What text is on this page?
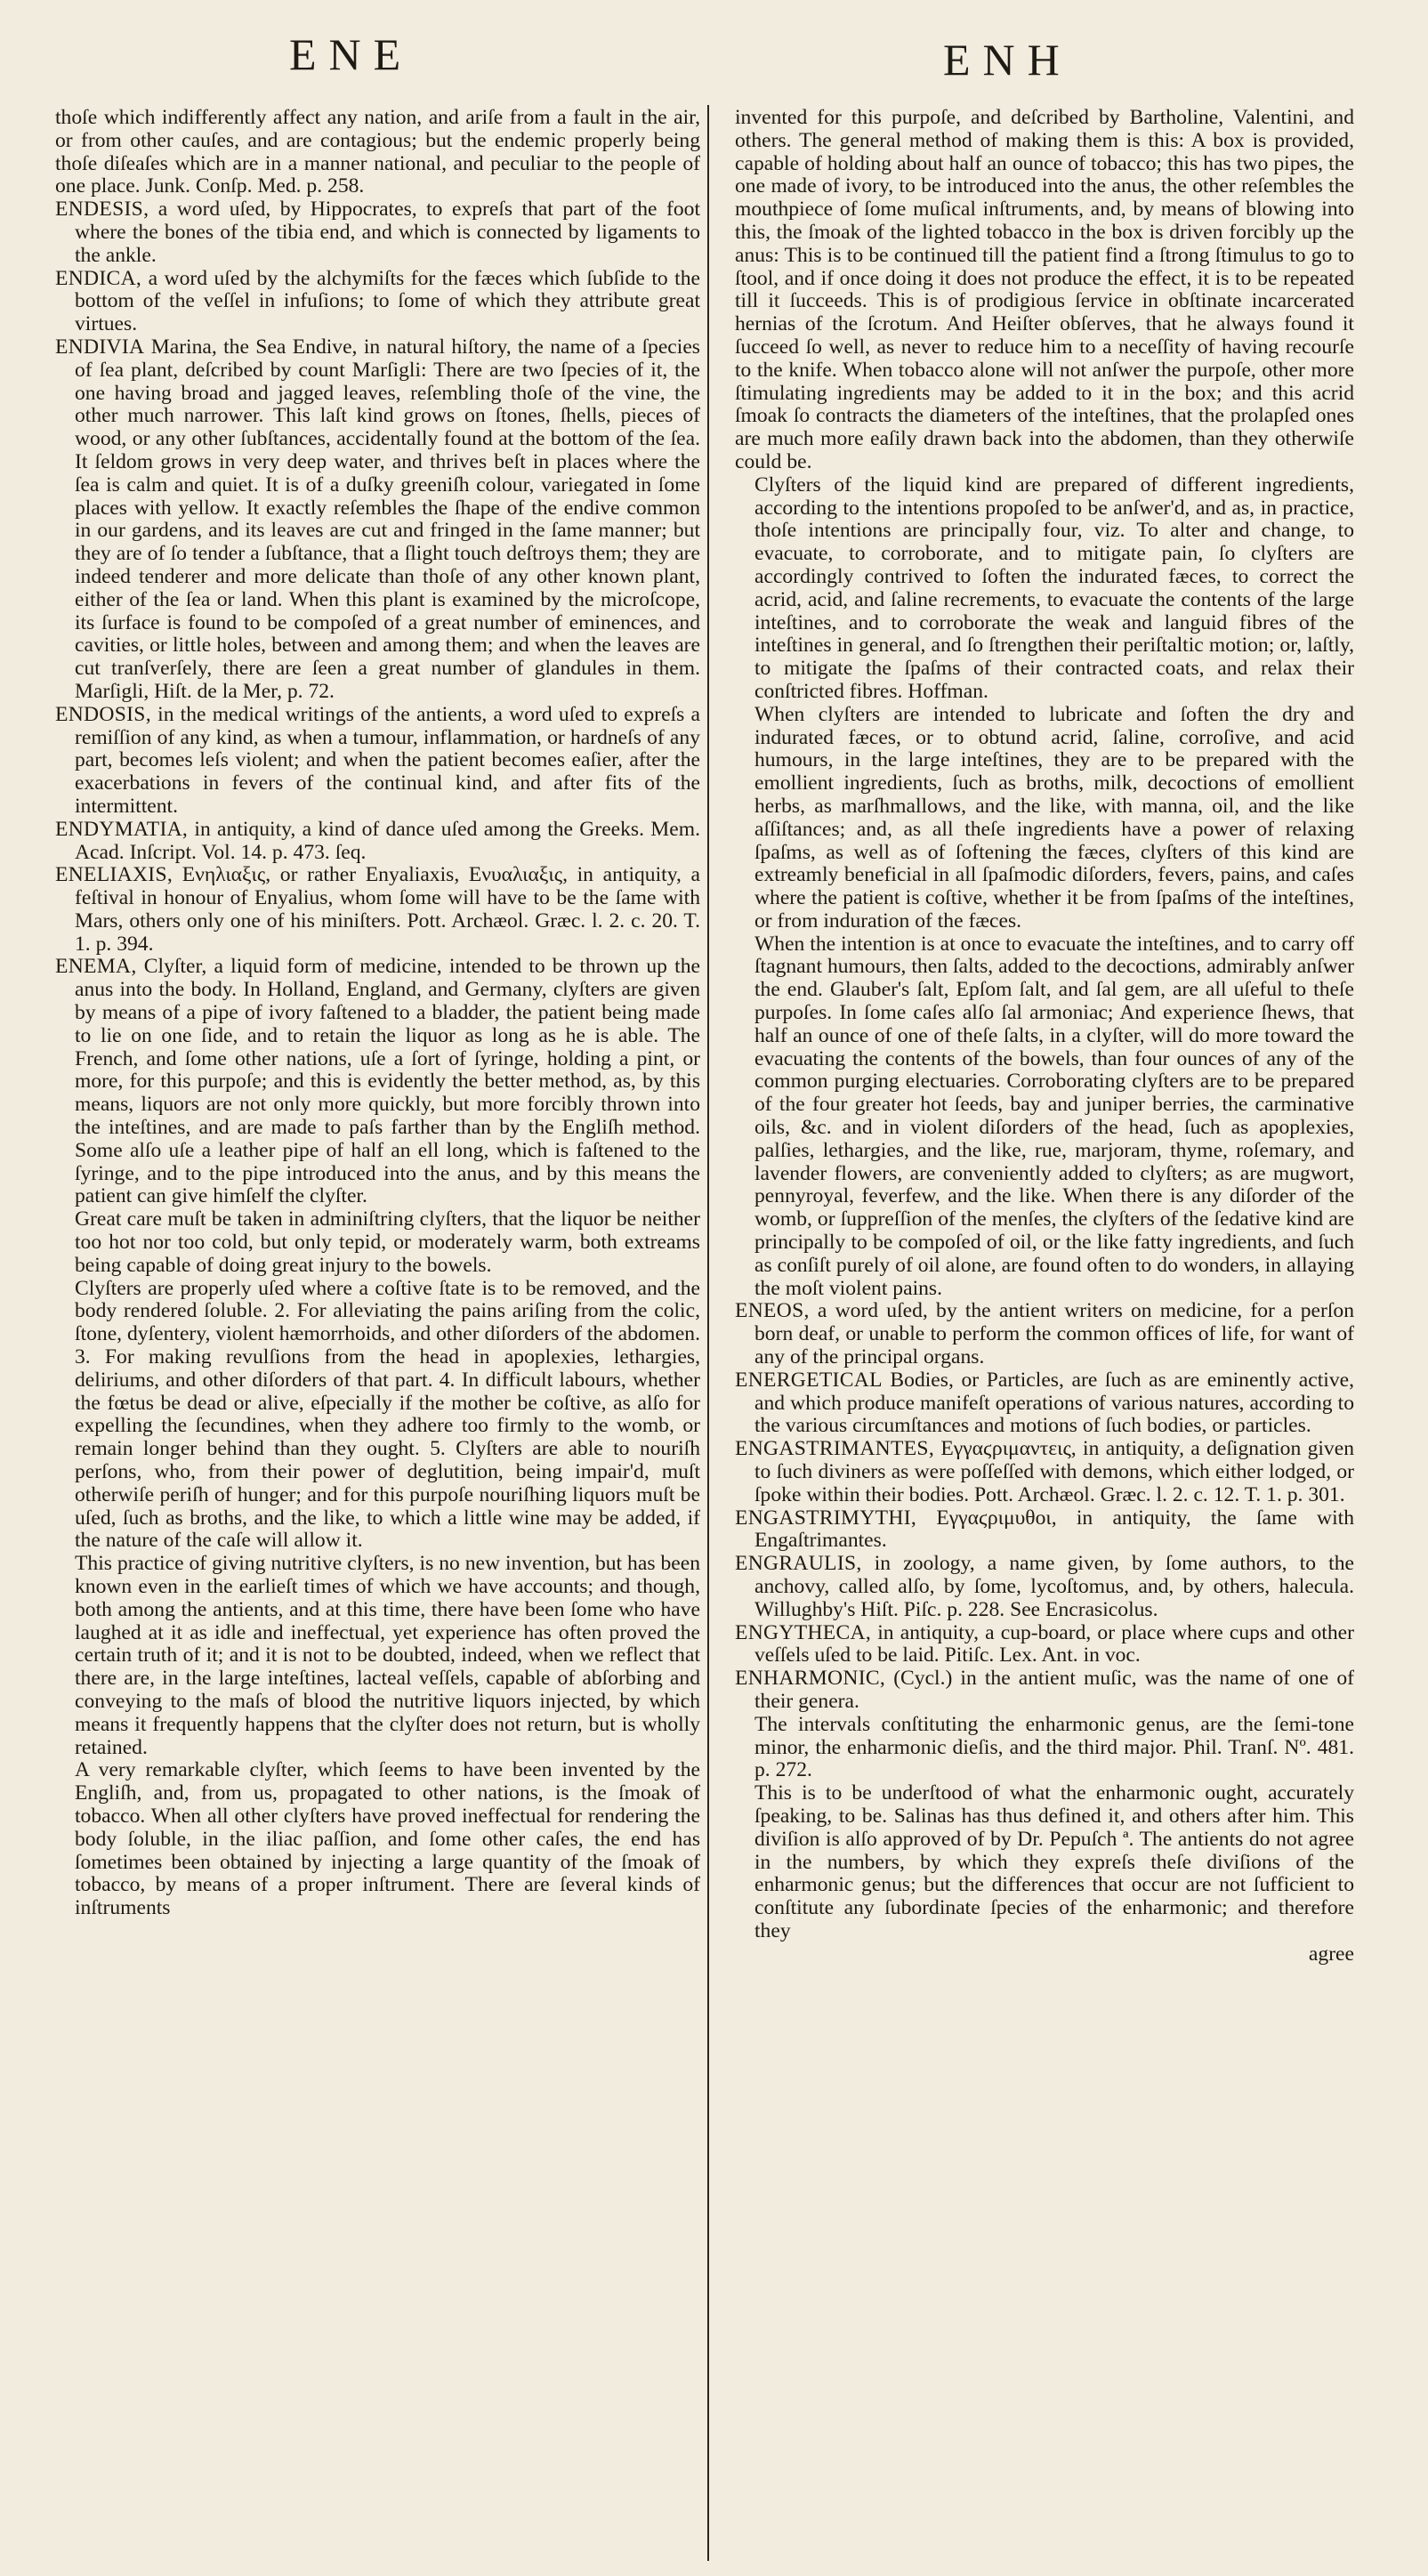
ENE	ENH

thoſe which indifferently affect any nation, and ariſe from a fault in the air, or from other cauſes, and are contagious; but the endemic properly being thoſe diſeaſes which are in a manner national, and peculiar to the people of one place. Junk. Conſp. Med. p. 258.

ENDESIS, a word uſed, by Hippocrates, to expreſs that part of the foot where the bones of the tibia end, and which is connected by ligaments to the ankle.

ENDICA, a word uſed by the alchymiſts for the fæces which ſubſide to the bottom of the veſſel in infuſions; to ſome of which they attribute great virtues.

ENDIVIA Marina, the Sea Endive, in natural hiſtory, the name of a ſpecies of ſea plant, deſcribed by count Marſigli: There are two ſpecies of it, the one having broad and jagged leaves, reſembling thoſe of the vine, the other much narrower. This laſt kind grows on ſtones, ſhells, pieces of wood, or any other ſubſtances, accidentally found at the bottom of the ſea. It ſeldom grows in very deep water, and thrives beſt in places where the ſea is calm and quiet. It is of a duſky greeniſh colour, variegated in ſome places with yellow. It exactly reſembles the ſhape of the endive common in our gardens, and its leaves are cut and fringed in the ſame manner; but they are of ſo tender a ſubſtance, that a ſlight touch deſtroys them; they are indeed tenderer and more delicate than thoſe of any other known plant, either of the ſea or land. When this plant is examined by the microſcope, its ſurface is found to be compoſed of a great number of eminences, and cavities, or little holes, between and among them; and when the leaves are cut tranſverſely, there are ſeen a great number of glandules in them. Marſigli, Hiſt. de la Mer, p. 72.

ENDOSIS, in the medical writings of the antients, a word uſed to expreſs a remiſſion of any kind, as when a tumour, inflammation, or hardneſs of any part, becomes leſs violent; and when the patient becomes eaſier, after the exacerbations in fevers of the continual kind, and after fits of the intermittent.

ENDYMATIA, in antiquity, a kind of dance uſed among the Greeks. Mem. Acad. Inſcript. Vol. 14. p. 473. ſeq.

ENELIAXIS, Ενηλιαξις, or rather Enyaliaxis, Ενυαλιαξις, in antiquity, a feſtival in honour of Enyalius, whom ſome will have to be the ſame with Mars, others only one of his miniſters. Pott. Archæol. Græc. l. 2. c. 20. T. 1. p. 394.

ENEMA, Clyſter, a liquid form of medicine, intended to be thrown up the anus into the body. In Holland, England, and Germany, clyſters are given by means of a pipe of ivory faſtened to a bladder, the patient being made to lie on one ſide, and to retain the liquor as long as he is able. The French, and ſome other nations, uſe a ſort of ſyringe, holding a pint, or more, for this purpoſe; and this is evidently the better method, as, by this means, liquors are not only more quickly, but more forcibly thrown into the inteſtines, and are made to paſs farther than by the Engliſh method. Some alſo uſe a leather pipe of half an ell long, which is faſtened to the ſyringe, and to the pipe introduced into the anus, and by this means the patient can give himſelf the clyſter.

Great care muſt be taken in adminiſtring clyſters, that the liquor be neither too hot nor too cold, but only tepid, or moderately warm, both extreams being capable of doing great injury to the bowels.

Clyſters are properly uſed where a coſtive ſtate is to be removed, and the body rendered ſoluble. 2. For alleviating the pains ariſing from the colic, ſtone, dyſentery, violent hæmorrhoids, and other diſorders of the abdomen. 3. For making revulſions from the head in apoplexies, lethargies, deliriums, and other diſorders of that part. 4. In difficult labours, whether the fœtus be dead or alive, eſpecially if the mother be coſtive, as alſo for expelling the ſecundines, when they adhere too firmly to the womb, or remain longer behind than they ought. 5. Clyſters are able to nouriſh perſons, who, from their power of deglutition, being impair'd, muſt otherwiſe periſh of hunger; and for this purpoſe nouriſhing liquors muſt be uſed, ſuch as broths, and the like, to which a little wine may be added, if the nature of the caſe will allow it.

This practice of giving nutritive clyſters, is no new invention, but has been known even in the earlieſt times of which we have accounts; and though, both among the antients, and at this time, there have been ſome who have laughed at it as idle and ineffectual, yet experience has often proved the certain truth of it; and it is not to be doubted, indeed, when we reflect that there are, in the large inteſtines, lacteal veſſels, capable of abſorbing and conveying to the maſs of blood the nutritive liquors injected, by which means it frequently happens that the clyſter does not return, but is wholly retained.

A very remarkable clyſter, which ſeems to have been invented by the Engliſh, and, from us, propagated to other nations, is the ſmoak of tobacco. When all other clyſters have proved ineffectual for rendering the body ſoluble, in the iliac paſſion, and ſome other caſes, the end has ſometimes been obtained by injecting a large quantity of the ſmoak of tobacco, by means of a proper inſtrument. There are ſeveral kinds of inſtruments

invented for this purpoſe, and deſcribed by Bartholine, Valentini, and others. The general method of making them is this: A box is provided, capable of holding about half an ounce of tobacco; this has two pipes, the one made of ivory, to be introduced into the anus, the other reſembles the mouthpiece of ſome muſical inſtruments, and, by means of blowing into this, the ſmoak of the lighted tobacco in the box is driven forcibly up the anus: This is to be continued till the patient find a ſtrong ſtimulus to go to ſtool, and if once doing it does not produce the effect, it is to be repeated till it ſucceeds. This is of prodigious ſervice in obſtinate incarcerated hernias of the ſcrotum. And Heiſter obſerves, that he always found it ſucceed ſo well, as never to reduce him to a neceſſity of having recourſe to the knife. When tobacco alone will not anſwer the purpoſe, other more ſtimulating ingredients may be added to it in the box; and this acrid ſmoak ſo contracts the diameters of the inteſtines, that the prolapſed ones are much more eaſily drawn back into the abdomen, than they otherwiſe could be.

Clyſters of the liquid kind are prepared of different ingredients, according to the intentions propoſed to be anſwer'd, and as, in practice, thoſe intentions are principally four, viz. To alter and change, to evacuate, to corroborate, and to mitigate pain, ſo clyſters are accordingly contrived to ſoften the indurated fæces, to correct the acrid, acid, and ſaline recrements, to evacuate the contents of the large inteſtines, and to corroborate the weak and languid fibres of the inteſtines in general, and ſo ſtrengthen their periſtaltic motion; or, laſtly, to mitigate the ſpaſms of their contracted coats, and relax their conſtricted fibres. Hoffman.

When clyſters are intended to lubricate and ſoften the dry and indurated fæces, or to obtund acrid, ſaline, corroſive, and acid humours, in the large inteſtines, they are to be prepared with the emollient ingredients, ſuch as broths, milk, decoctions of emollient herbs, as marſhmallows, and the like, with manna, oil, and the like aſſiſtances; and, as all theſe ingredients have a power of relaxing ſpaſms, as well as of ſoftening the fæces, clyſters of this kind are extreamly beneficial in all ſpaſmodic diſorders, fevers, pains, and caſes where the patient is coſtive, whether it be from ſpaſms of the inteſtines, or from induration of the fæces.

When the intention is at once to evacuate the inteſtines, and to carry off ſtagnant humours, then ſalts, added to the decoctions, admirably anſwer the end. Glauber's ſalt, Epſom ſalt, and ſal gem, are all uſeful to theſe purpoſes. In ſome caſes alſo ſal armoniac; And experience ſhews, that half an ounce of one of theſe ſalts, in a clyſter, will do more toward the evacuating the contents of the bowels, than four ounces of any of the common purging electuaries. Corroborating clyſters are to be prepared of the four greater hot ſeeds, bay and juniper berries, the carminative oils, &c. and in violent diſorders of the head, ſuch as apoplexies, palſies, lethargies, and the like, rue, marjoram, thyme, roſemary, and lavender flowers, are conveniently added to clyſters; as are mugwort, pennyroyal, feverfew, and the like. When there is any diſorder of the womb, or ſuppreſſion of the menſes, the clyſters of the ſedative kind are principally to be compoſed of oil, or the like fatty ingredients, and ſuch as conſiſt purely of oil alone, are found often to do wonders, in allaying the moſt violent pains.

ENEOS, a word uſed, by the antient writers on medicine, for a perſon born deaf, or unable to perform the common offices of life, for want of any of the principal organs.

ENERGETICAL Bodies, or Particles, are ſuch as are eminently active, and which produce manifeſt operations of various natures, according to the various circumſtances and motions of ſuch bodies, or particles.

ENGASTRIMANTES, Εγγαϛριμαντεις, in antiquity, a deſignation given to ſuch diviners as were poſſeſſed with demons, which either lodged, or ſpoke within their bodies. Pott. Archæol. Græc. l. 2. c. 12. T. 1. p. 301.

ENGASTRIMYTHI, Εγγαϛριμυθοι, in antiquity, the ſame with Engaſtrimantes.

ENGRAULIS, in zoology, a name given, by ſome authors, to the anchovy, called alſo, by ſome, lycoſtomus, and, by others, halecula. Willughby's Hiſt. Piſc. p. 228. See Encrasicolus.

ENGYTHECA, in antiquity, a cup-board, or place where cups and other veſſels uſed to be laid. Pitiſc. Lex. Ant. in voc.

ENHARMONIC, (Cycl.) in the antient muſic, was the name of one of their genera.

The intervals conſtituting the enharmonic genus, are the ſemi-tone minor, the enharmonic dieſis, and the third major. Phil. Tranſ. Nº. 481. p. 272.

This is to be underſtood of what the enharmonic ought, accurately ſpeaking, to be. Salinas has thus defined it, and others after him. This diviſion is alſo approved of by Dr. Pepuſch ª. The antients do not agree in the numbers, by which they expreſs theſe diviſions of the enharmonic genus; but the differences that occur are not ſufficient to conſtitute any ſubordinate ſpecies of the enharmonic; and therefore they

agree
